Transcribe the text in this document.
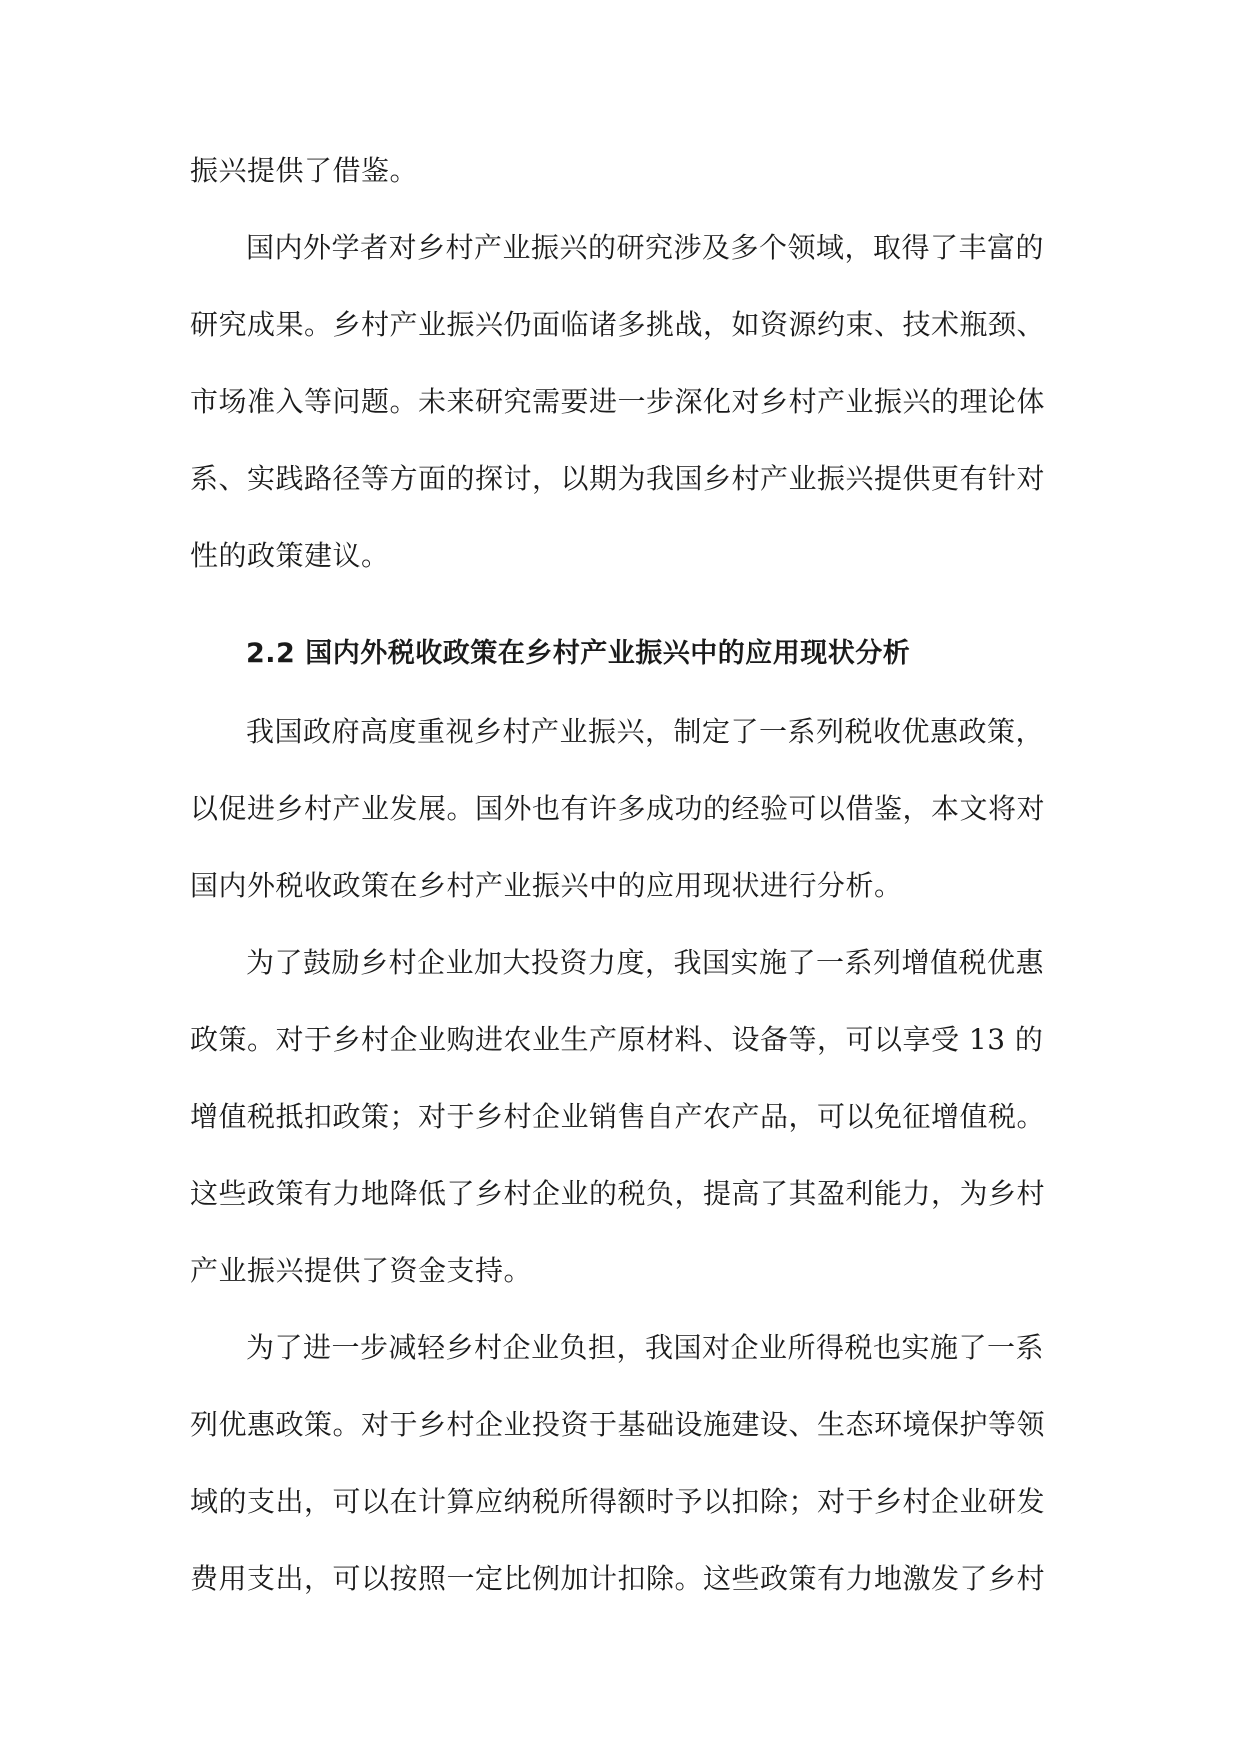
振兴提供了借鉴。
国内外学者对乡村产业振兴的研究涉及多个领域，取得了丰富的
研究成果。乡村产业振兴仍面临诸多挑战，如资源约束、技术瓶颈、
市场准入等问题。未来研究需要进一步深化对乡村产业振兴的理论体
系、实践路径等方面的探讨，以期为我国乡村产业振兴提供更有针对
性的政策建议。
2.2 国内外税收政策在乡村产业振兴中的应用现状分析
我国政府高度重视乡村产业振兴，制定了一系列税收优惠政策，
以促进乡村产业发展。国外也有许多成功的经验可以借鉴，本文将对
国内外税收政策在乡村产业振兴中的应用现状进行分析。
为了鼓励乡村企业加大投资力度，我国实施了一系列增值税优惠
政策。对于乡村企业购进农业生产原材料、设备等，可以享受 13 的
增值税抵扣政策；对于乡村企业销售自产农产品，可以免征增值税。
这些政策有力地降低了乡村企业的税负，提高了其盈利能力，为乡村
产业振兴提供了资金支持。
为了进一步减轻乡村企业负担，我国对企业所得税也实施了一系
列优惠政策。对于乡村企业投资于基础设施建设、生态环境保护等领
域的支出，可以在计算应纳税所得额时予以扣除；对于乡村企业研发
费用支出，可以按照一定比例加计扣除。这些政策有力地激发了乡村
